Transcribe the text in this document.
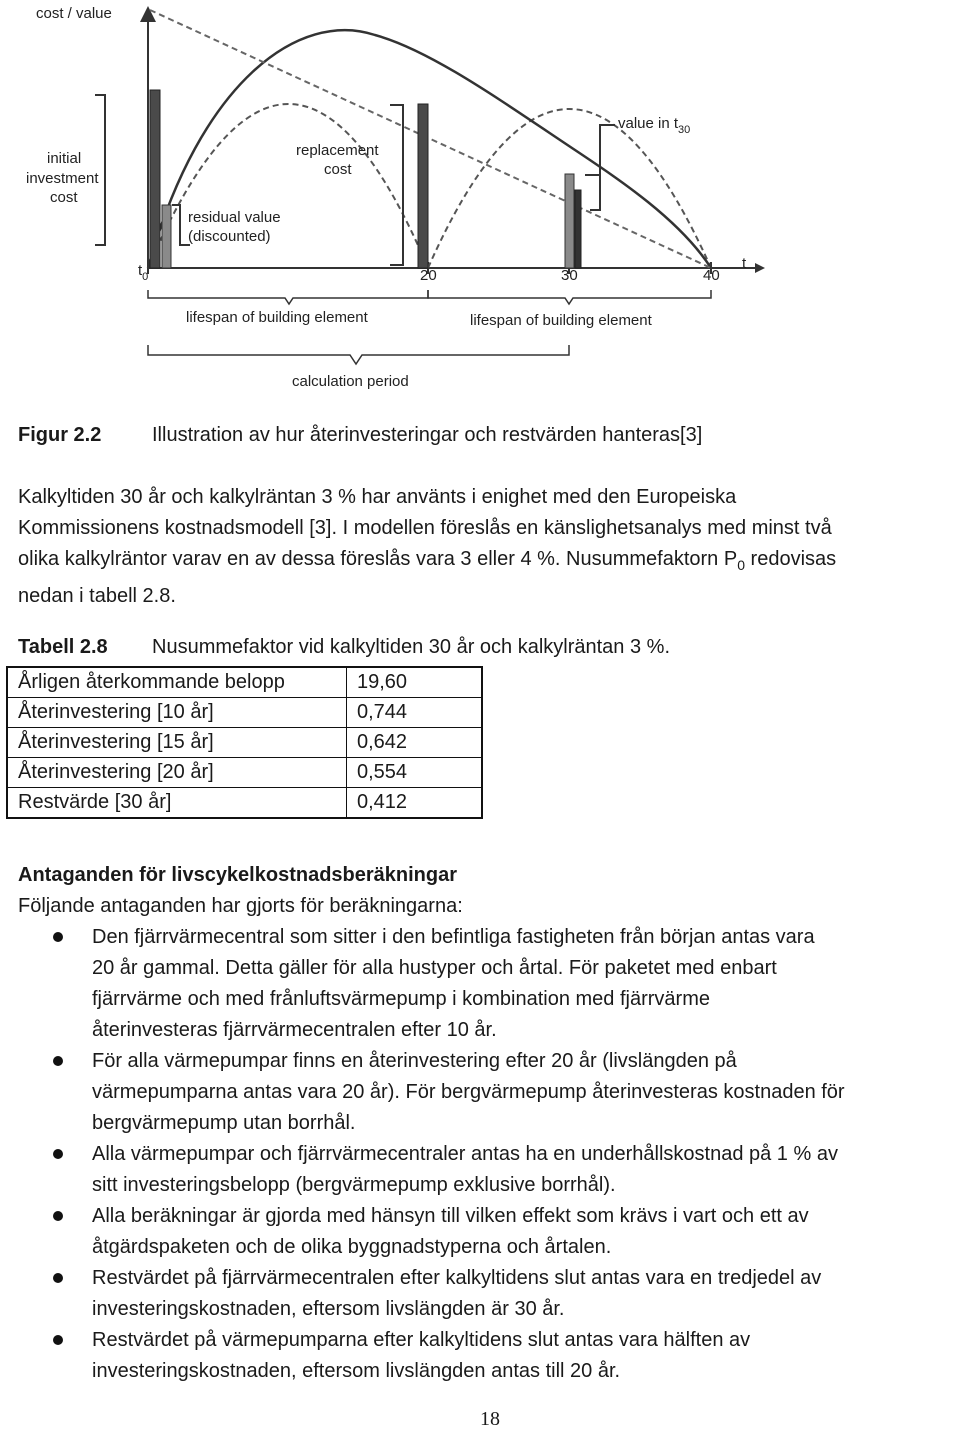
cost / value
t
initial
investment
cost
replacement
cost
residual value
(discounted)
value in $t_{30}$
$t_0$	20	30	40
lifespan of building element	lifespan of building element
calculation period
Figur 2.2	Illustration av hur återinvesteringar och restvärden hanteras[3]
Kalkyltiden 30 år och kalkylräntan 3 % har använts i enighet med den Europeiska
Kommissionens kostnadsmodell [3]. I modellen föreslås en känslighetsanalys med minst två
olika kalkylräntor varav en av dessa föreslås vara 3 eller 4 %. Nusummefaktorn $P_0$ redovisas
nedan i tabell 2.8.
Tabell 2.8 Nusummefaktor vid kalkyltiden 30 år och kalkylräntan 3 %.
Årligen återkommande belopp	19,60
Återinvestering [10 år]	0,744
Återinvestering [15 år]	0,642
Återinvestering [20 år]	0,554
Restvärde [30 år]	0,412
Antaganden för livscykelkostnadsberäkningar
Följande antaganden har gjorts för beräkningarna:
Den fjärrvärmecentral som sitter i den befintliga fastigheten från början antas vara
20 år gammal. Detta gäller för alla hustyper och årtal. För paketet med enbart
fjärrvärme och med frånluftsvärmepump i kombination med fjärrvärme
återinvesteras fjärrvärmecentralen efter 10 år.
För alla värmepumpar finns en återinvestering efter 20 år (livslängden på
värmepumparna antas vara 20 år). För bergvärmepump återinvesteras kostnaden för
bergvärmepump utan borrhål.
Alla värmepumpar och fjärrvärmecentraler antas ha en underhållskostnad på 1 % av
sitt investeringsbelopp (bergvärmepump exklusive borrhål).
Alla beräkningar är gjorda med hänsyn till vilken effekt som krävs i vart och ett av
åtgärdspaketen och de olika byggnadstyperna och årtalen.
Restvärdet på fjärrvärmecentralen efter kalkyltidens slut antas vara en tredjedel av
investeringskostnaden, eftersom livslängden är 30 år.
Restvärdet på värmepumparna efter kalkyltidens slut antas vara hälften av
investeringskostnaden, eftersom livslängden antas till 20 år.
18
